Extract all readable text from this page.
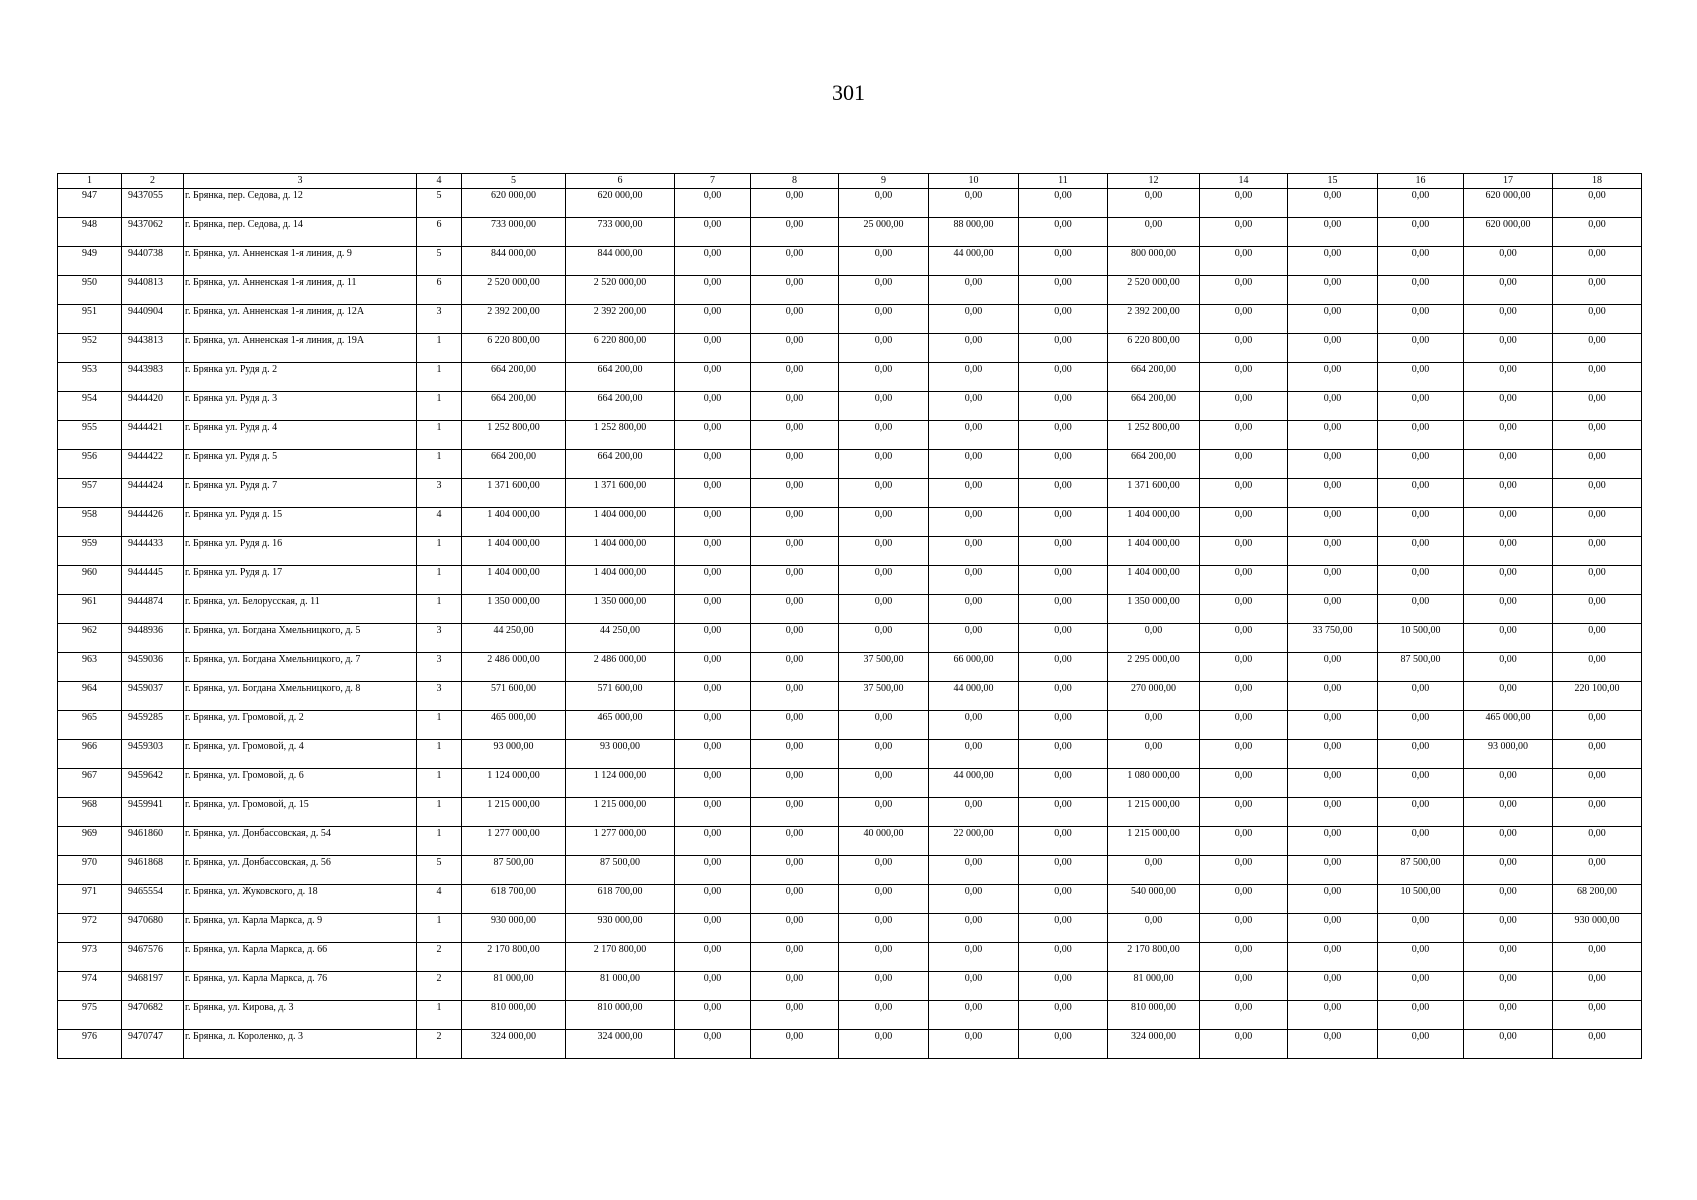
301
1	2	3	4	5	6	7	8	9	10	11	12	14	15	16	17	18
947	9437055	г. Брянка, пер. Седова, д. 12	5	620 000,00	620 000,00	0,00	0,00	0,00	0,00	0,00	0,00	0,00	0,00	0,00	620 000,00	0,00
948	9437062	г. Брянка, пер. Седова, д. 14	6	733 000,00	733 000,00	0,00	0,00	25 000,00	88 000,00	0,00	0,00	0,00	0,00	0,00	620 000,00	0,00
949	9440738	г. Брянка, ул. Анненская 1-я линия, д. 9	5	844 000,00	844 000,00	0,00	0,00	0,00	44 000,00	0,00	800 000,00	0,00	0,00	0,00	0,00	0,00
950	9440813	г. Брянка, ул. Анненская 1-я линия, д. 11	6	2 520 000,00	2 520 000,00	0,00	0,00	0,00	0,00	0,00	2 520 000,00	0,00	0,00	0,00	0,00	0,00
951	9440904	г. Брянка, ул. Анненская 1-я линия, д. 12А	3	2 392 200,00	2 392 200,00	0,00	0,00	0,00	0,00	0,00	2 392 200,00	0,00	0,00	0,00	0,00	0,00
952	9443813	г. Брянка, ул. Анненская 1-я линия, д. 19А	1	6 220 800,00	6 220 800,00	0,00	0,00	0,00	0,00	0,00	6 220 800,00	0,00	0,00	0,00	0,00	0,00
953	9443983	г. Брянка ул. Рудя д. 2	1	664 200,00	664 200,00	0,00	0,00	0,00	0,00	0,00	664 200,00	0,00	0,00	0,00	0,00	0,00
954	9444420	г. Брянка ул. Рудя д. 3	1	664 200,00	664 200,00	0,00	0,00	0,00	0,00	0,00	664 200,00	0,00	0,00	0,00	0,00	0,00
955	9444421	г. Брянка ул. Рудя д. 4	1	1 252 800,00	1 252 800,00	0,00	0,00	0,00	0,00	0,00	1 252 800,00	0,00	0,00	0,00	0,00	0,00
956	9444422	г. Брянка ул. Рудя д. 5	1	664 200,00	664 200,00	0,00	0,00	0,00	0,00	0,00	664 200,00	0,00	0,00	0,00	0,00	0,00
957	9444424	г. Брянка ул. Рудя д. 7	3	1 371 600,00	1 371 600,00	0,00	0,00	0,00	0,00	0,00	1 371 600,00	0,00	0,00	0,00	0,00	0,00
958	9444426	г. Брянка ул. Рудя д. 15	4	1 404 000,00	1 404 000,00	0,00	0,00	0,00	0,00	0,00	1 404 000,00	0,00	0,00	0,00	0,00	0,00
959	9444433	г. Брянка ул. Рудя д. 16	1	1 404 000,00	1 404 000,00	0,00	0,00	0,00	0,00	0,00	1 404 000,00	0,00	0,00	0,00	0,00	0,00
960	9444445	г. Брянка ул. Рудя д. 17	1	1 404 000,00	1 404 000,00	0,00	0,00	0,00	0,00	0,00	1 404 000,00	0,00	0,00	0,00	0,00	0,00
961	9444874	г. Брянка, ул. Белорусская, д. 11	1	1 350 000,00	1 350 000,00	0,00	0,00	0,00	0,00	0,00	1 350 000,00	0,00	0,00	0,00	0,00	0,00
962	9448936	г. Брянка, ул. Богдана Хмельницкого, д. 5	3	44 250,00	44 250,00	0,00	0,00	0,00	0,00	0,00	0,00	0,00	33 750,00	10 500,00	0,00	0,00
963	9459036	г. Брянка, ул. Богдана Хмельницкого, д. 7	3	2 486 000,00	2 486 000,00	0,00	0,00	37 500,00	66 000,00	0,00	2 295 000,00	0,00	0,00	87 500,00	0,00	0,00
964	9459037	г. Брянка, ул. Богдана Хмельницкого, д. 8	3	571 600,00	571 600,00	0,00	0,00	37 500,00	44 000,00	0,00	270 000,00	0,00	0,00	0,00	0,00	220 100,00
965	9459285	г. Брянка, ул. Громовой, д. 2	1	465 000,00	465 000,00	0,00	0,00	0,00	0,00	0,00	0,00	0,00	0,00	0,00	465 000,00	0,00
966	9459303	г. Брянка, ул. Громовой, д. 4	1	93 000,00	93 000,00	0,00	0,00	0,00	0,00	0,00	0,00	0,00	0,00	0,00	93 000,00	0,00
967	9459642	г. Брянка, ул. Громовой, д. 6	1	1 124 000,00	1 124 000,00	0,00	0,00	0,00	44 000,00	0,00	1 080 000,00	0,00	0,00	0,00	0,00	0,00
968	9459941	г. Брянка, ул. Громовой, д. 15	1	1 215 000,00	1 215 000,00	0,00	0,00	0,00	0,00	0,00	1 215 000,00	0,00	0,00	0,00	0,00	0,00
969	9461860	г. Брянка, ул. Донбассовская, д. 54	1	1 277 000,00	1 277 000,00	0,00	0,00	40 000,00	22 000,00	0,00	1 215 000,00	0,00	0,00	0,00	0,00	0,00
970	9461868	г. Брянка, ул. Донбассовская, д. 56	5	87 500,00	87 500,00	0,00	0,00	0,00	0,00	0,00	0,00	0,00	0,00	87 500,00	0,00	0,00
971	9465554	г. Брянка, ул. Жуковского, д. 18	4	618 700,00	618 700,00	0,00	0,00	0,00	0,00	0,00	540 000,00	0,00	0,00	10 500,00	0,00	68 200,00
972	9470680	г. Брянка, ул. Карла Маркса, д. 9	1	930 000,00	930 000,00	0,00	0,00	0,00	0,00	0,00	0,00	0,00	0,00	0,00	0,00	930 000,00
973	9467576	г. Брянка, ул. Карла Маркса, д. 66	2	2 170 800,00	2 170 800,00	0,00	0,00	0,00	0,00	0,00	2 170 800,00	0,00	0,00	0,00	0,00	0,00
974	9468197	г. Брянка, ул. Карла Маркса, д. 76	2	81 000,00	81 000,00	0,00	0,00	0,00	0,00	0,00	81 000,00	0,00	0,00	0,00	0,00	0,00
975	9470682	г. Брянка, ул. Кирова, д. 3	1	810 000,00	810 000,00	0,00	0,00	0,00	0,00	0,00	810 000,00	0,00	0,00	0,00	0,00	0,00
976	9470747	г. Брянка, л. Короленко, д. 3	2	324 000,00	324 000,00	0,00	0,00	0,00	0,00	0,00	324 000,00	0,00	0,00	0,00	0,00	0,00
